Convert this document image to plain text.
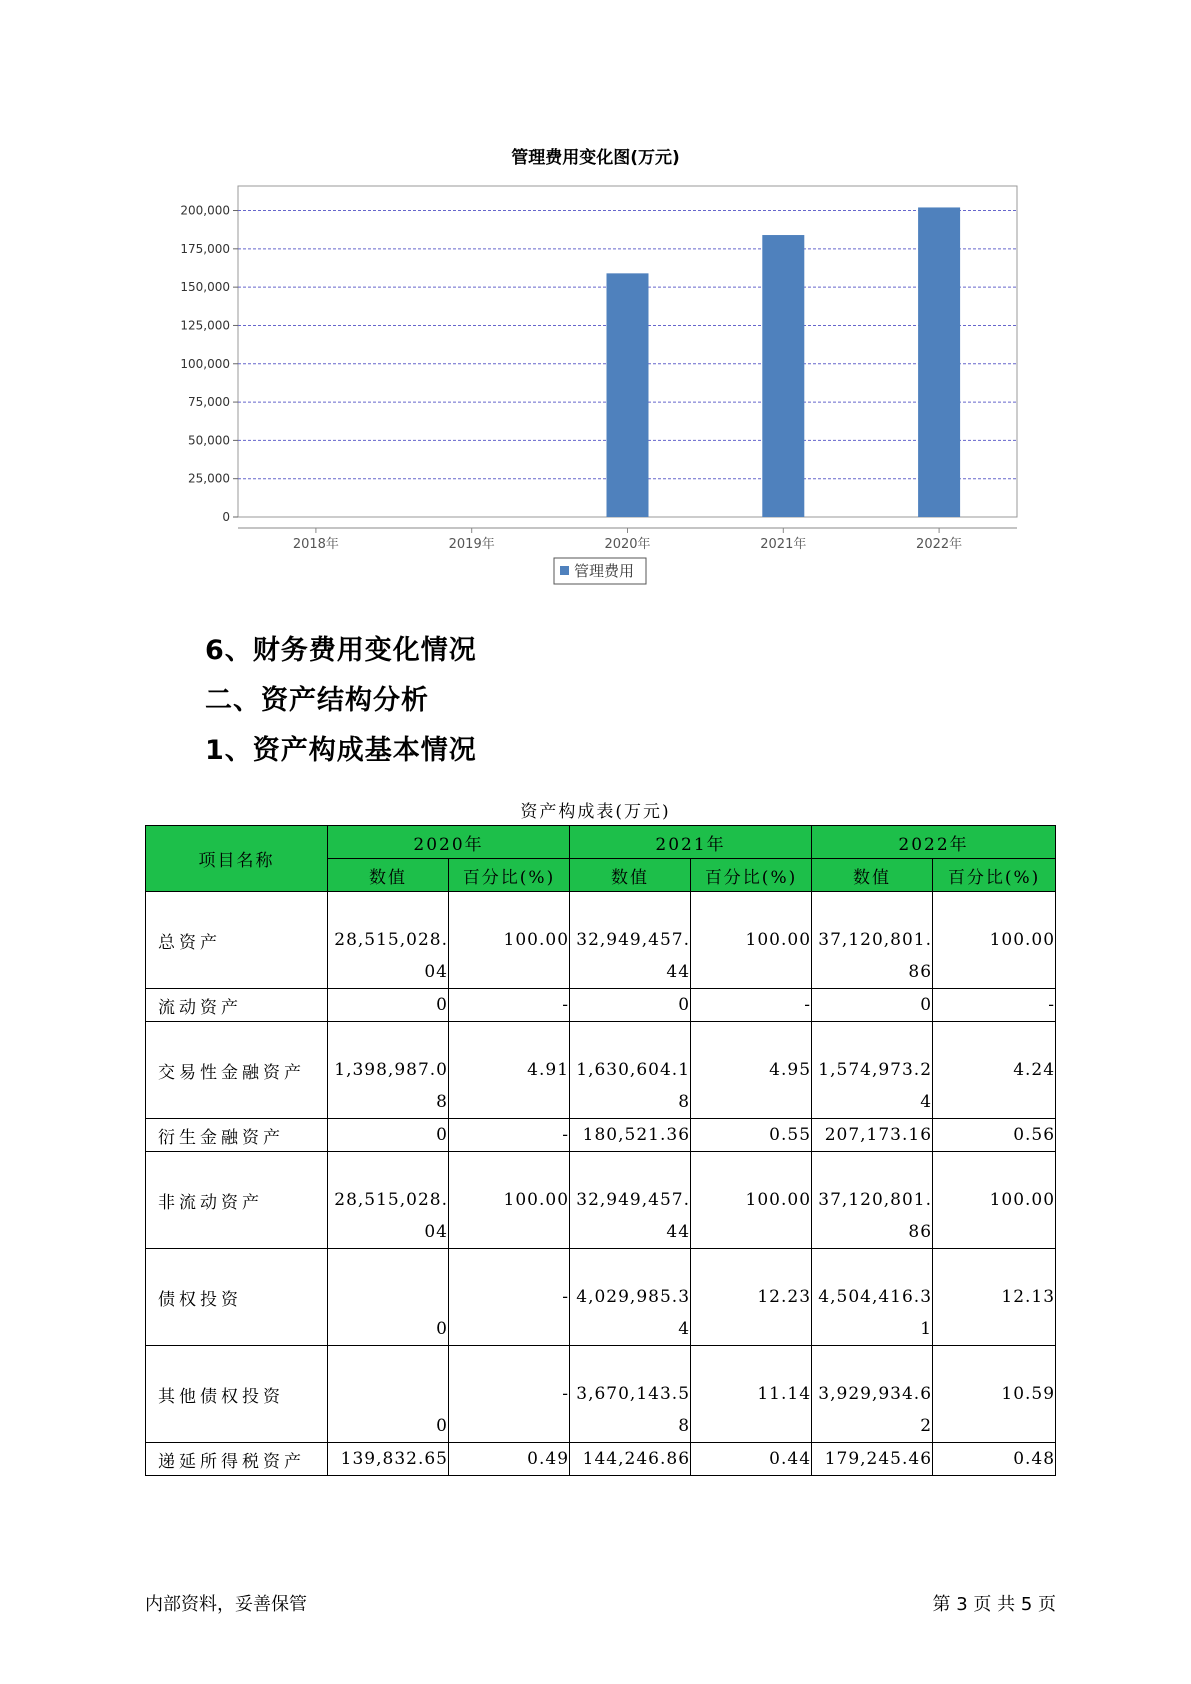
管理费用变化图(万元)
0
25,000
50,000
75,000
100,000
125,000
150,000
175,000
200,000
2018年	2019年	2020年	2021年	2022年
管理费用
6、财务费用变化情况
二、资产结构分析
1、资产构成基本情况
资产构成表(万元)
项目名称	2020年		2021年		2022年	
	数值	百分比(%)	数值	百分比(%)	数值	百分比(%)
总资产	28,515,028.04	100.00	32,949,457.44	100.00	37,120,801.86	100.00
流动资产	0	-	0	-	0	-
交易性金融资产	1,398,987.08	4.91	1,630,604.18	4.95	1,574,973.24	4.24
衍生金融资产	0	-	180,521.36	0.55	207,173.16	0.56
非流动资产	28,515,028.04	100.00	32,949,457.44	100.00	37,120,801.86	100.00
债权投资	0	-	4,029,985.34	12.23	4,504,416.31	12.13
其他债权投资	0	-	3,670,143.58	11.14	3,929,934.62	10.59
递延所得税资产	139,832.65	0.49	144,246.86	0.44	179,245.46	0.48
内部资料，妥善保管	第 3 页 共 5 页
